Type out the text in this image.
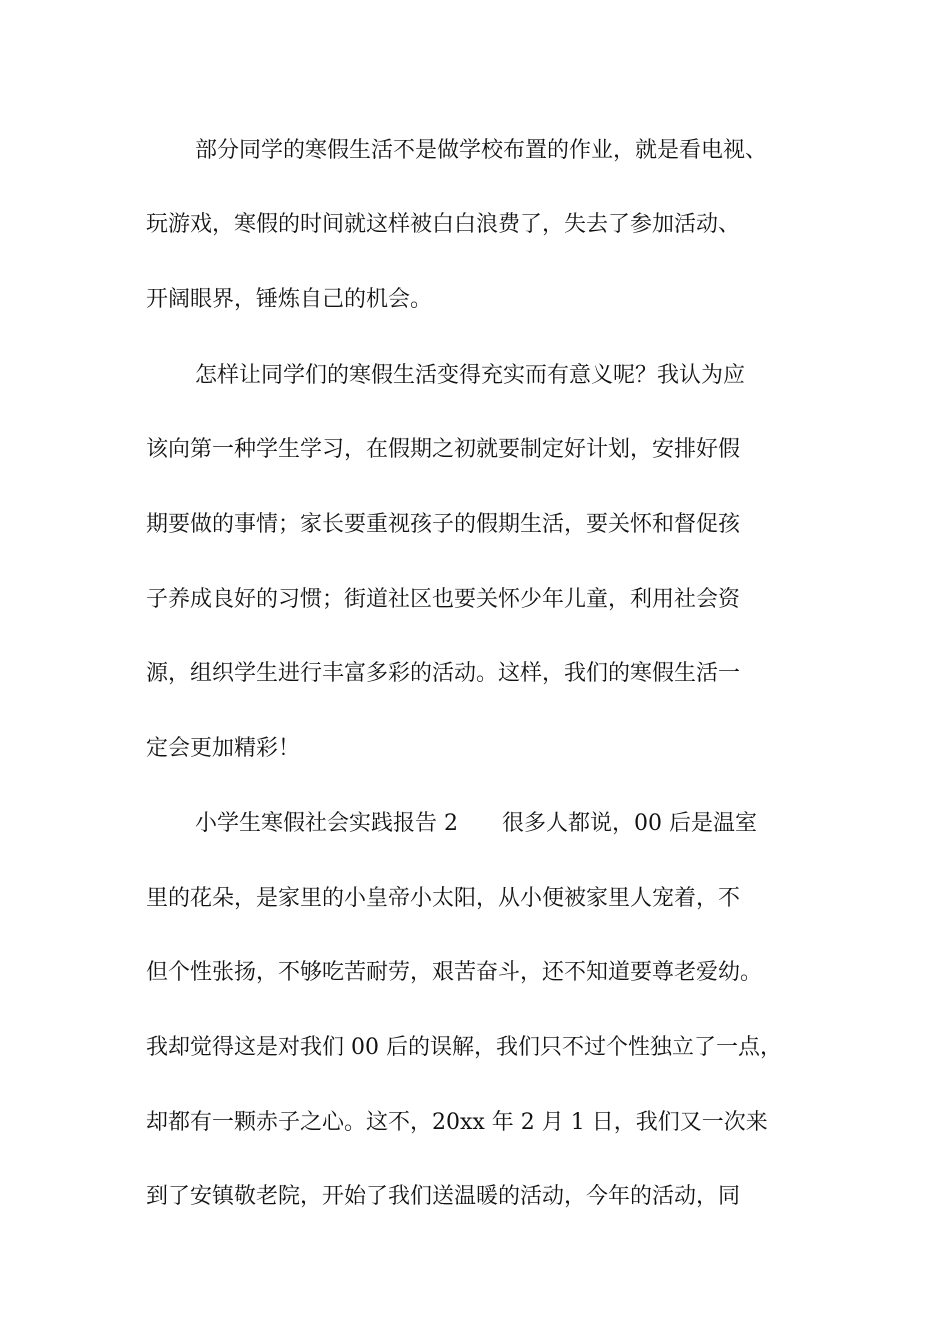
部分同学的寒假生活不是做学校布置的作业，就是看电视、

玩游戏，寒假的时间就这样被白白浪费了，失去了参加活动、

开阔眼界，锤炼自己的机会。

怎样让同学们的寒假生活变得充实而有意义呢？我认为应

该向第一种学生学习，在假期之初就要制定好计划，安排好假

期要做的事情；家长要重视孩子的假期生活，要关怀和督促孩

子养成良好的习惯；街道社区也要关怀少年儿童，利用社会资

源，组织学生进行丰富多彩的活动。这样，我们的寒假生活一

定会更加精彩！

小学生寒假社会实践报告 2　　很多人都说，00 后是温室

里的花朵，是家里的小皇帝小太阳，从小便被家里人宠着，不

但个性张扬，不够吃苦耐劳，艰苦奋斗，还不知道要尊老爱幼。

我却觉得这是对我们 00 后的误解，我们只不过个性独立了一点，

却都有一颗赤子之心。这不，20xx 年 2 月 1 日，我们又一次来

到了安镇敬老院，开始了我们送温暖的活动，今年的活动，同
